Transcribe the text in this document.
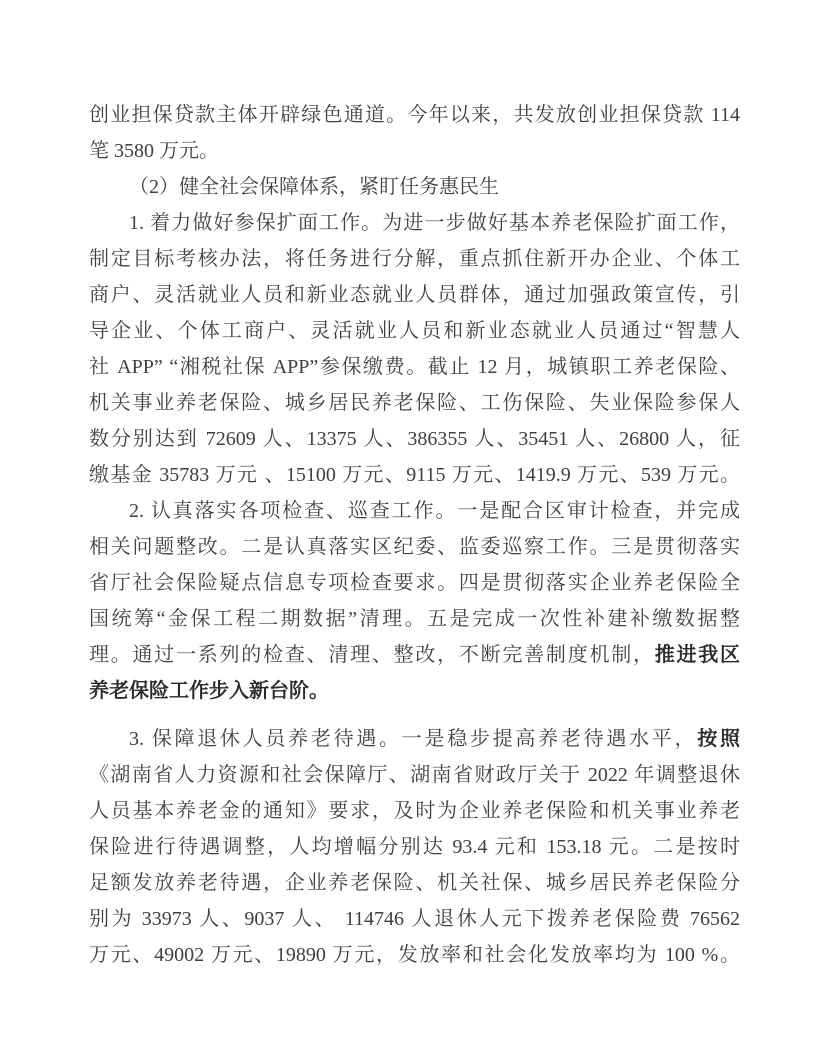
创业担保贷款主体开辟绿色通道。今年以来，共发放创业担保贷款 114
笔 3580 万元。
（2）健全社会保障体系，紧盯任务惠民生
1. 着力做好参保扩面工作。为进一步做好基本养老保险扩面工作，
制定目标考核办法，将任务进行分解，重点抓住新开办企业、个体工
商户、灵活就业人员和新业态就业人员群体，通过加强政策宣传，引
导企业、个体工商户、灵活就业人员和新业态就业人员通过“智慧人
社 APP” “湘税社保 APP”参保缴费。截止 12 月，城镇职工养老保险、
机关事业养老保险、城乡居民养老保险、工伤保险、失业保险参保人
数分别达到 72609 人、13375 人、386355 人、35451 人、26800 人，征
缴基金 35783 万元 、15100 万元、9115 万元、1419.9 万元、539 万元。
2. 认真落实各项检查、巡查工作。一是配合区审计检查，并完成
相关问题整改。二是认真落实区纪委、监委巡察工作。三是贯彻落实
省厅社会保险疑点信息专项检查要求。四是贯彻落实企业养老保险全
国统筹“金保工程二期数据”清理。五是完成一次性补建补缴数据整
理。通过一系列的检查、清理、整改，不断完善制度机制，推进我区
养老保险工作步入新台阶。
3. 保障退休人员养老待遇。一是稳步提高养老待遇水平，按照
《湖南省人力资源和社会保障厅、湖南省财政厅关于 2022 年调整退休
人员基本养老金的通知》要求，及时为企业养老保险和机关事业养老
保险进行待遇调整，人均增幅分别达 93.4 元和 153.18 元。二是按时
足额发放养老待遇，企业养老保险、机关社保、城乡居民养老保险分
别为 33973 人、9037 人、 114746 人退休人元下拨养老保险费 76562
万元、49002 万元、19890 万元，发放率和社会化发放率均为 100 %。
